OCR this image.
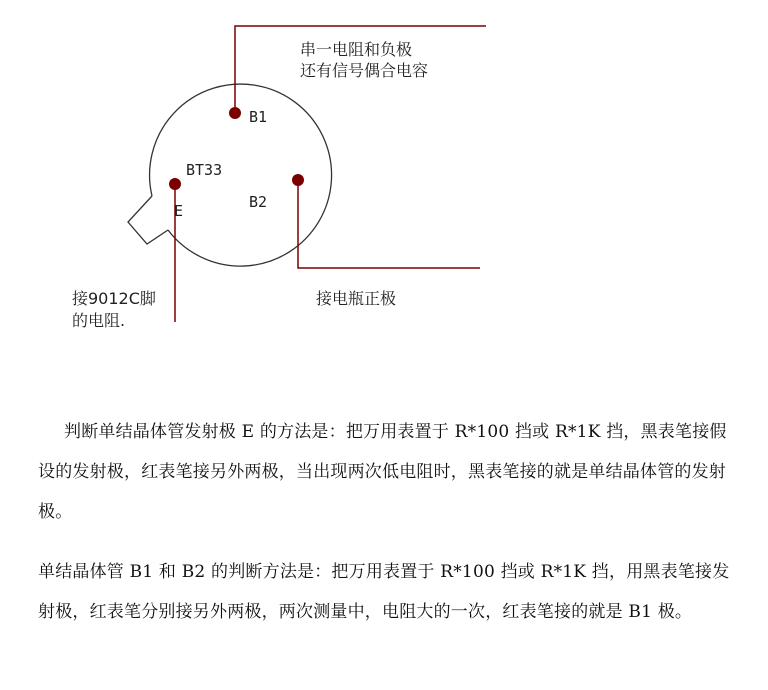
B1
BT33
E	B2
串一电阻和负极
还有信号偶合电容
接9012C脚
的电阻.
接电瓶正极

判断单结晶体管发射极 E 的方法是：把万用表置于 R*100 挡或 R*1K 挡，黑表笔接假设的发射极，红表笔接另外两极，当出现两次低电阻时，黑表笔接的就是单结晶体管的发射极。

单结晶体管 B1 和 B2 的判断方法是：把万用表置于 R*100 挡或 R*1K 挡，用黑表笔接发射极，红表笔分别接另外两极，两次测量中，电阻大的一次，红表笔接的就是 B1 极。
